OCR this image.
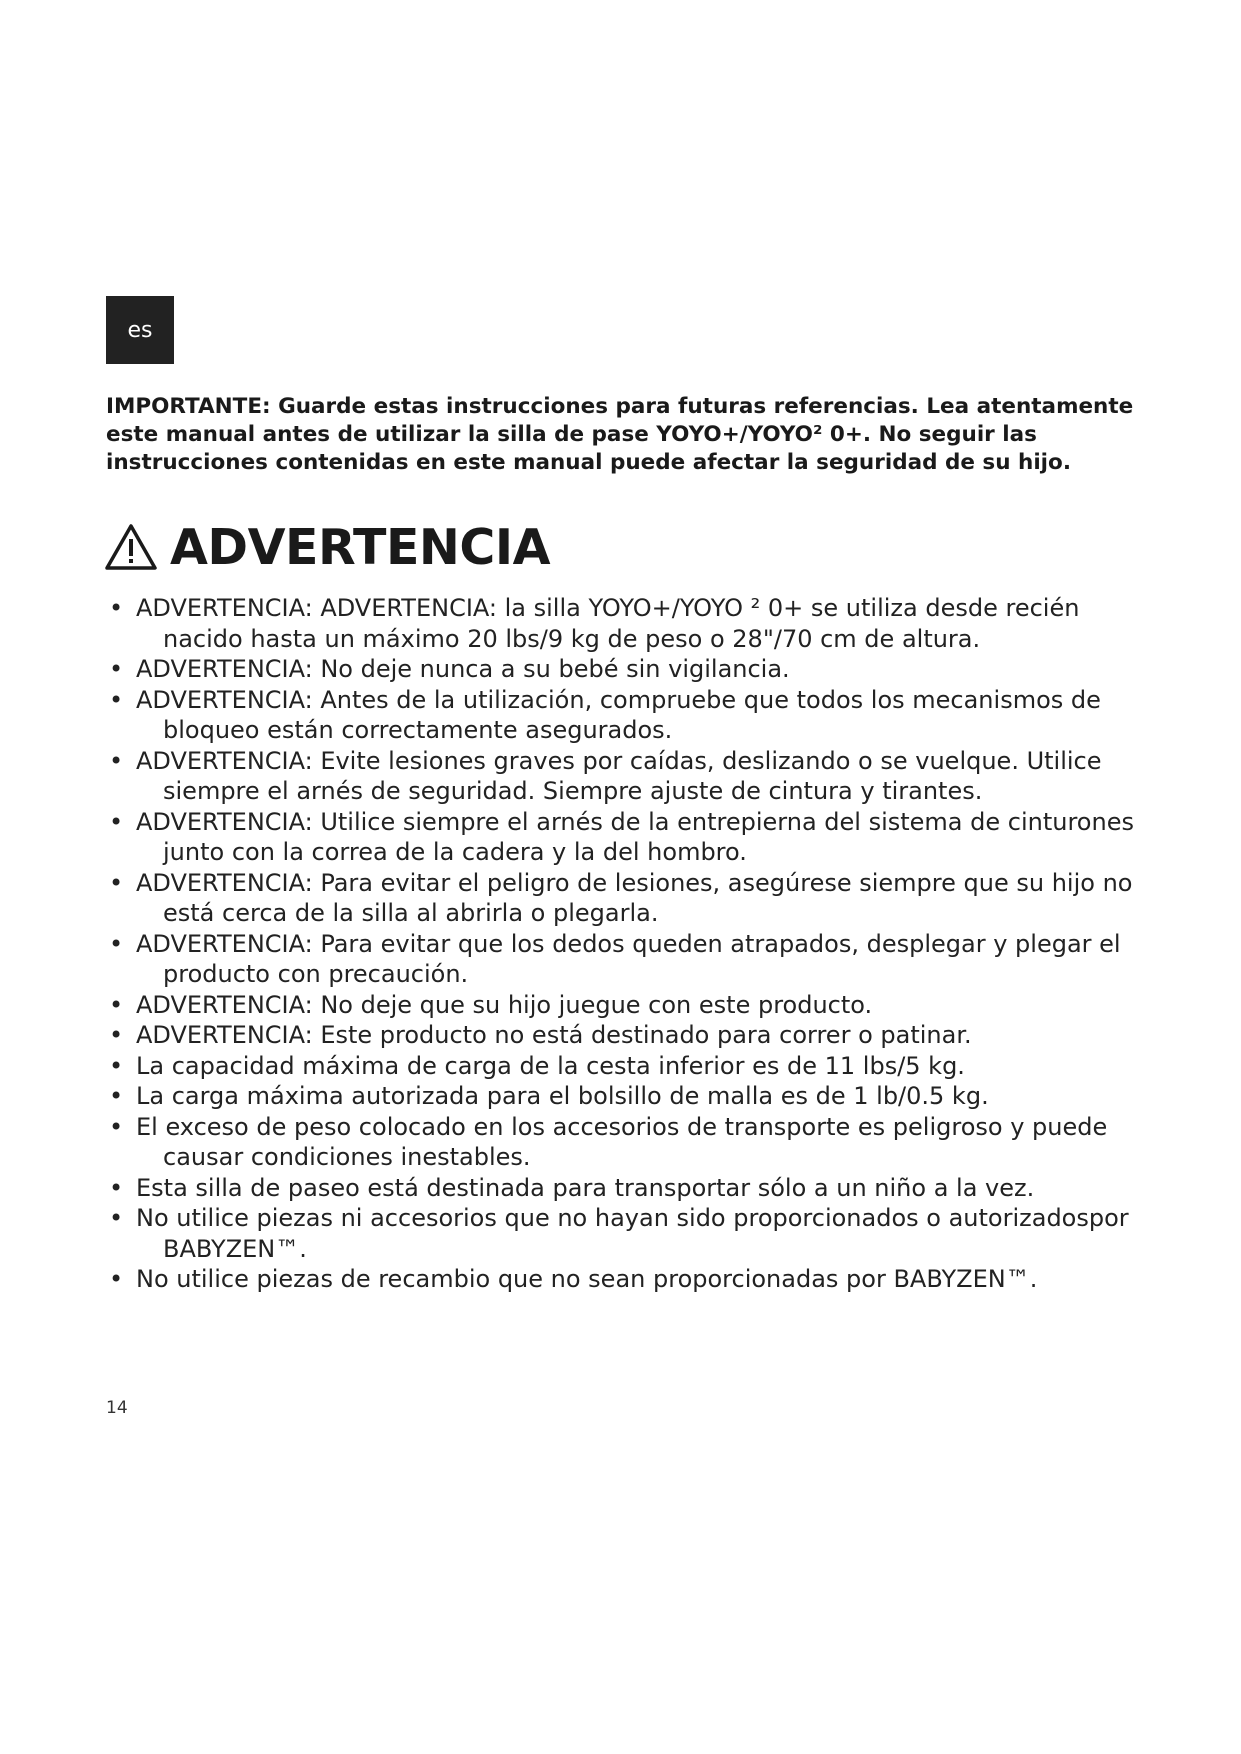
es

IMPORTANTE: Guarde estas instrucciones para futuras referencias. Lea atentamente este manual antes de utilizar la silla de pase YOYO+/YOYO² 0+. No seguir las instrucciones contenidas en este manual puede afectar la seguridad de su hijo.

ADVERTENCIA
• ADVERTENCIA: ADVERTENCIA: la silla YOYO+/YOYO ² 0+ se utiliza desde recién nacido hasta un máximo 20 lbs/9 kg de peso o 28"/70 cm de altura.
• ADVERTENCIA: No deje nunca a su bebé sin vigilancia.
• ADVERTENCIA: Antes de la utilización, compruebe que todos los mecanismos de bloqueo están correctamente asegurados.
• ADVERTENCIA: Evite lesiones graves por caídas, deslizando o se vuelque. Utilice siempre el arnés de seguridad. Siempre ajuste de cintura y tirantes.
• ADVERTENCIA: Utilice siempre el arnés de la entrepierna del sistema de cinturones junto con la correa de la cadera y la del hombro.
• ADVERTENCIA: Para evitar el peligro de lesiones, asegúrese siempre que su hijo no está cerca de la silla al abrirla o plegarla.
• ADVERTENCIA: Para evitar que los dedos queden atrapados, desplegar y plegar el producto con precaución.
• ADVERTENCIA: No deje que su hijo juegue con este producto.
• ADVERTENCIA: Este producto no está destinado para correr o patinar.
• La capacidad máxima de carga de la cesta inferior es de 11 lbs/5 kg.
• La carga máxima autorizada para el bolsillo de malla es de 1 lb/0.5 kg.
• El exceso de peso colocado en los accesorios de transporte es peligroso y puede causar condiciones inestables.
• Esta silla de paseo está destinada para transportar sólo a un niño a la vez.
• No utilice piezas ni accesorios que no hayan sido proporcionados o autorizadospor BABYZEN™.
• No utilice piezas de recambio que no sean proporcionadas por BABYZEN™.
14
